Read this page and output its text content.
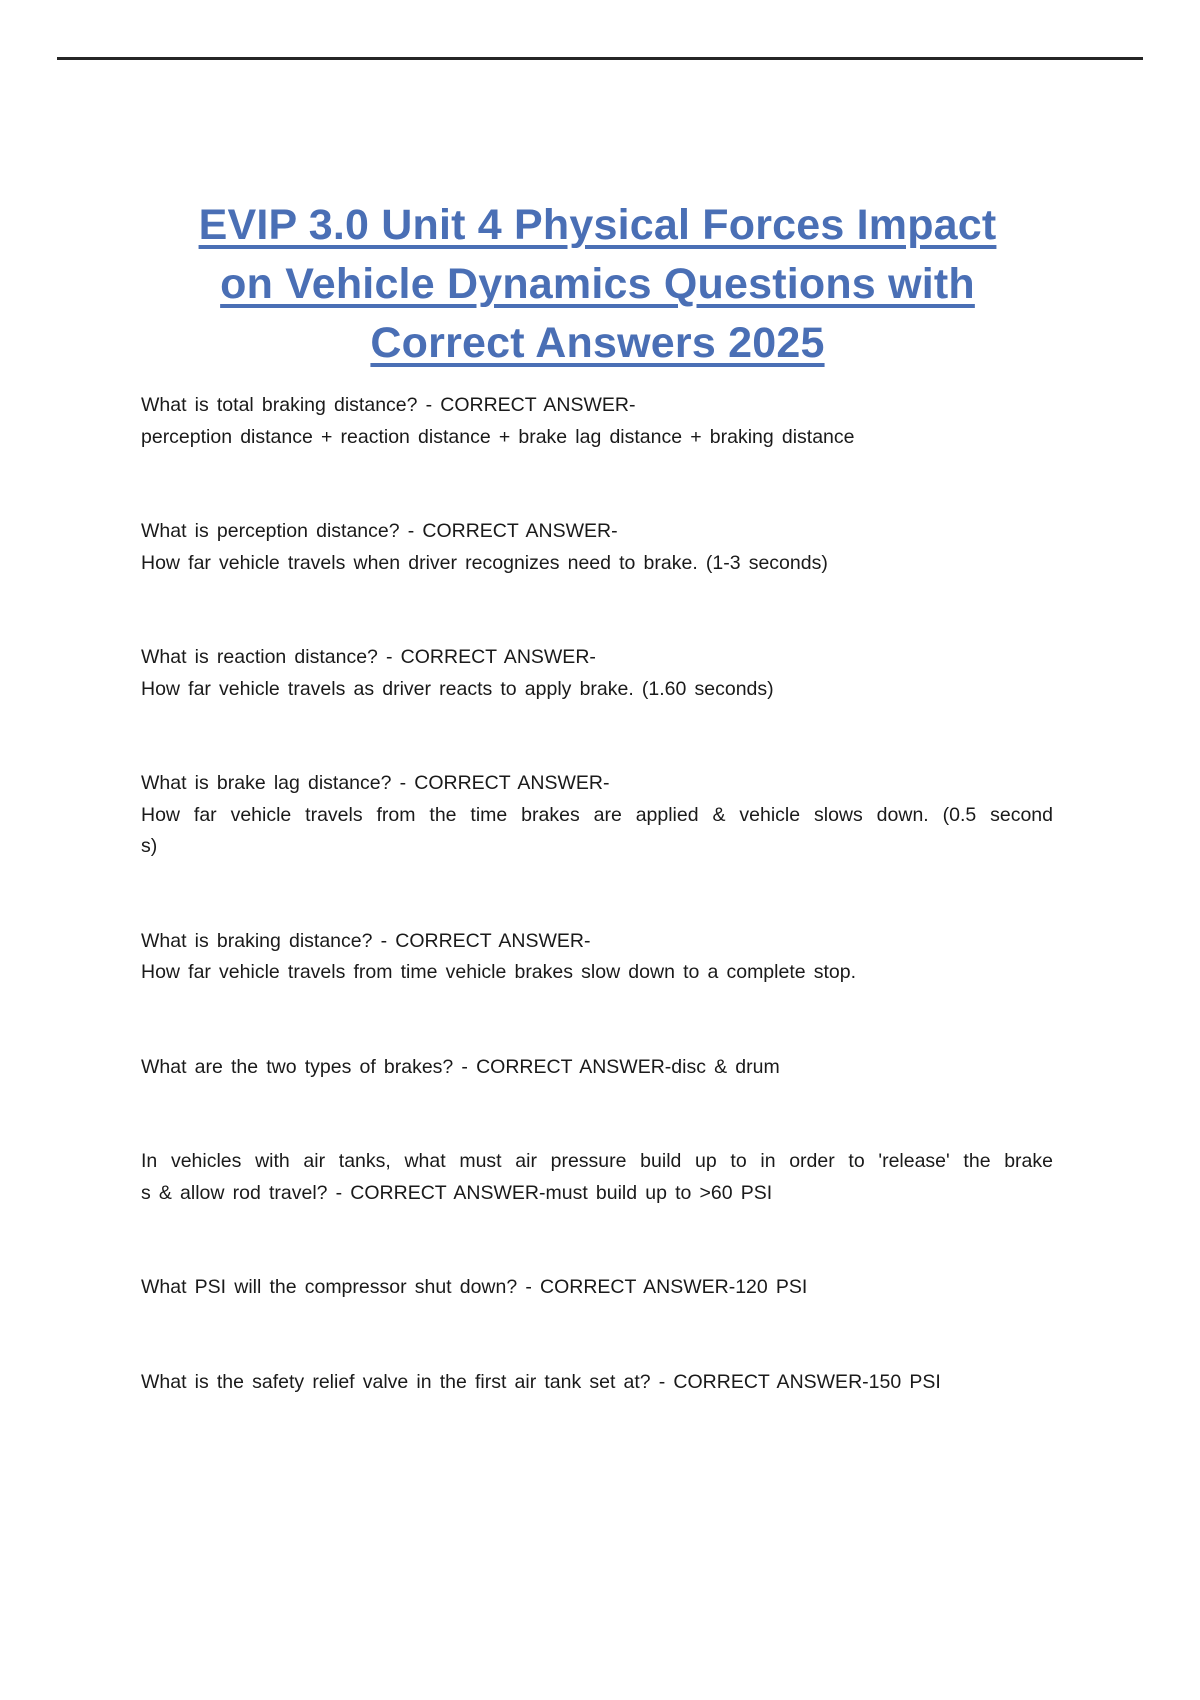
EVIP 3.0 Unit 4 Physical Forces Impact
on Vehicle Dynamics Questions with
Correct Answers 2025

What is total braking distance? - CORRECT ANSWER-
perception distance + reaction distance + brake lag distance + braking distance

What is perception distance? - CORRECT ANSWER-
How far vehicle travels when driver recognizes need to brake. (1-3 seconds)

What is reaction distance? - CORRECT ANSWER-
How far vehicle travels as driver reacts to apply brake. (1.60 seconds)

What is brake lag distance? - CORRECT ANSWER-
How far vehicle travels from the time brakes are applied & vehicle slows down. (0.5 second
s)

What is braking distance? - CORRECT ANSWER-
How far vehicle travels from time vehicle brakes slow down to a complete stop.

What are the two types of brakes? - CORRECT ANSWER-disc & drum

In vehicles with air tanks, what must air pressure build up to in order to 'release' the brake
s & allow rod travel? - CORRECT ANSWER-must build up to >60 PSI

What PSI will the compressor shut down? - CORRECT ANSWER-120 PSI

What is the safety relief valve in the first air tank set at? - CORRECT ANSWER-150 PSI
